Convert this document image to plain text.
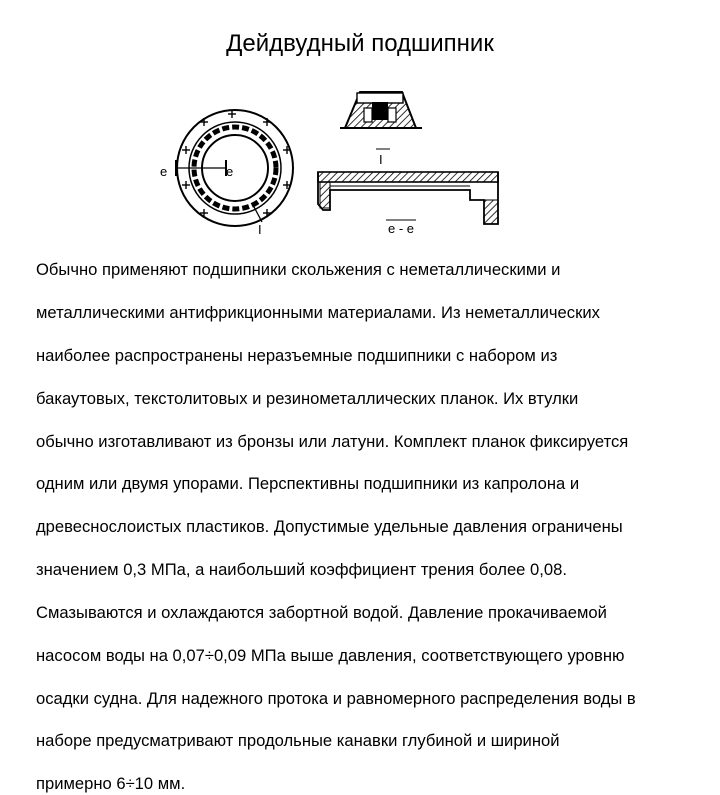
Дейдвудный подшипник
е	е
I
I
е - е

Обычно применяют подшипники скольжения с неметаллическими и

металлическими антифрикционными материалами. Из неметаллических

наиболее распространены неразъемные подшипники с набором из

бакаутовых, текстолитовых и резинометаллических планок. Их втулки

обычно изготавливают из бронзы или латуни. Комплект планок фиксируется

одним или двумя упорами. Перспективны подшипники из капролона и

древеснослоистых пластиков. Допустимые удельные давления ограничены

значением 0,3 МПа, а наибольший коэффициент трения более 0,08.

Смазываются и охлаждаются забортной водой. Давление прокачиваемой

насосом воды на 0,07÷0,09 МПа выше давления, соответствующего уровню

осадки судна. Для надежного протока и равномерного распределения воды в

наборе предусматривают продольные канавки глубиной и шириной

примерно 6÷10 мм.
